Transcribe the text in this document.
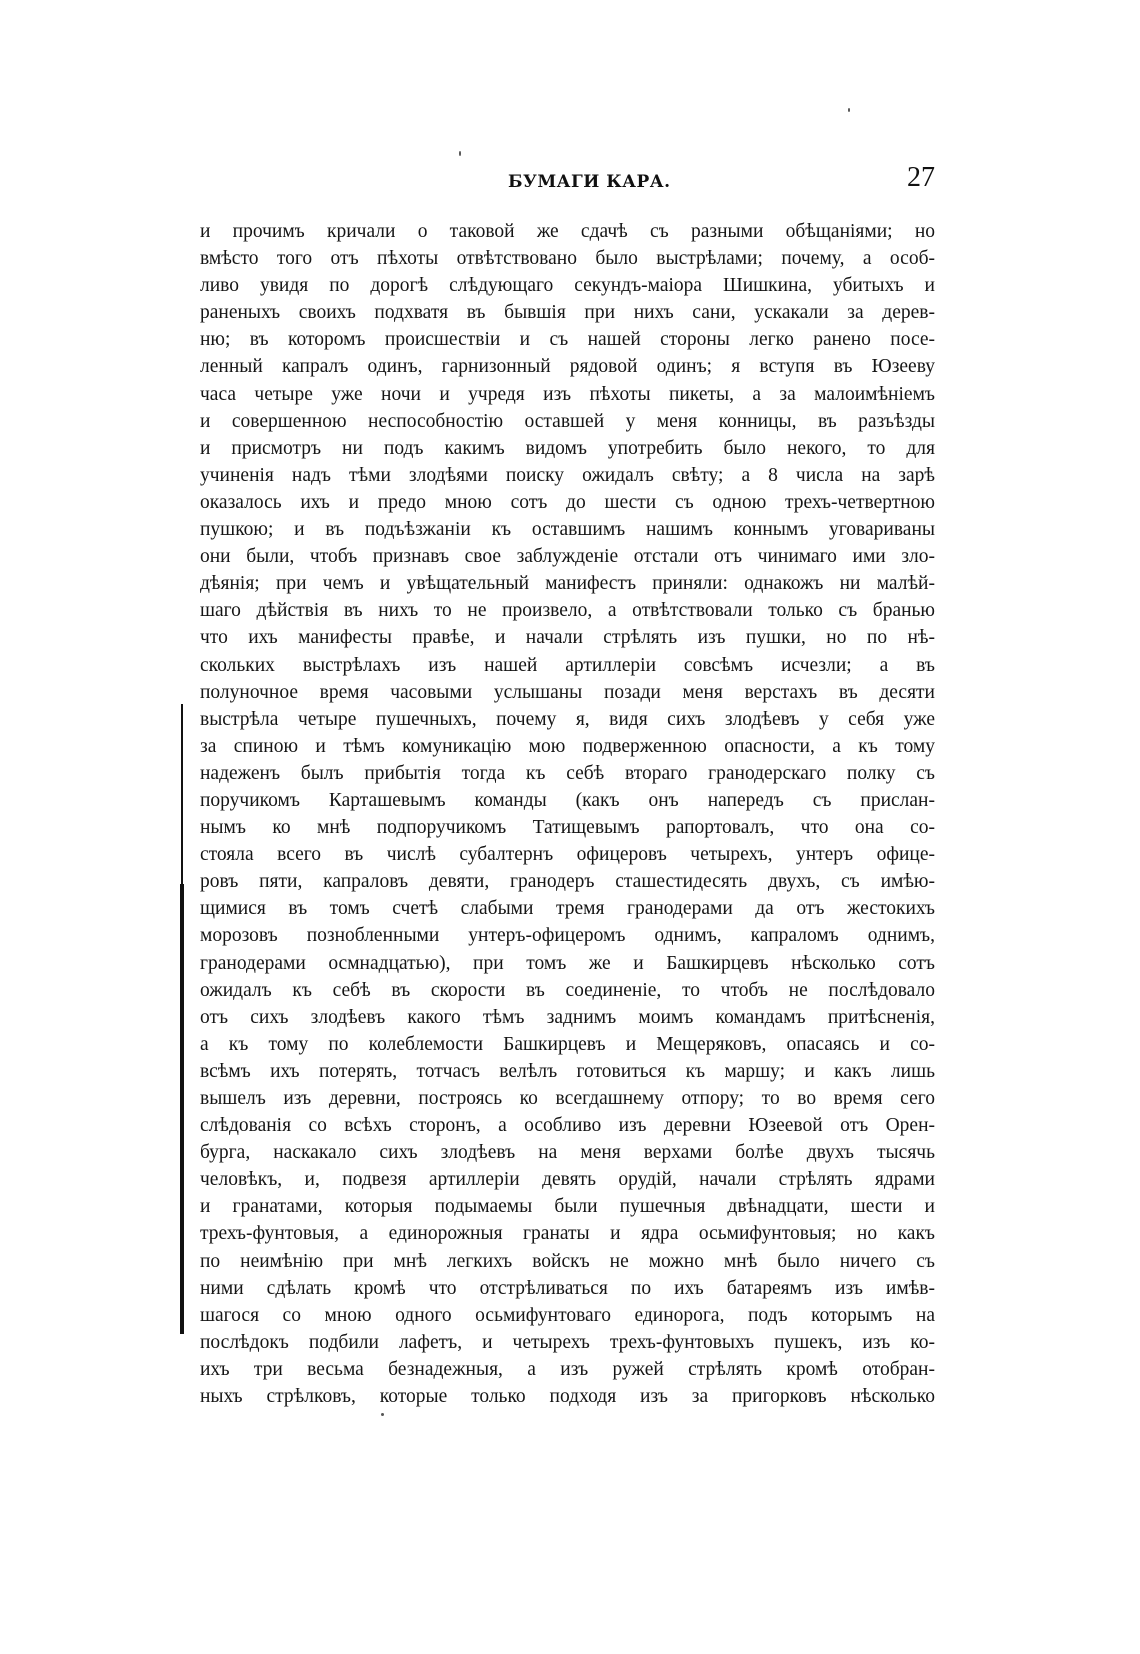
БУМАГИ КАРА.	27
и прочимъ кричали о таковой же сдачѣ съ разными обѣщаніями; но
вмѣсто того отъ пѣхоты отвѣтствовано было выстрѣлами; почему, а особ-
ливо увидя по дорогѣ слѣдующаго секундъ-маіора Шишкина, убитыхъ и
раненыхъ своихъ подхватя въ бывшія при нихъ сани, ускакали за дерев-
ню; въ которомъ происшествіи и съ нашей стороны легко ранено посе-
ленный капралъ одинъ, гарнизонный рядовой одинъ; я вступя въ Юзееву
часа четыре уже ночи и учредя изъ пѣхоты пикеты, а за малоимѣніемъ
и совершенною неспособностію оставшей у меня конницы, въ разъѣзды
и присмотръ ни подъ какимъ видомъ употребить было некого, то для
учиненія надъ тѣми злодѣями поиску ожидалъ свѣту; а 8 числа на зарѣ
оказалось ихъ и предо мною сотъ до шести съ одною трехъ-четвертною
пушкою; и въ подъѣзжаніи къ оставшимъ нашимъ коннымъ уговариваны
они были, чтобъ признавъ свое заблужденіе отстали отъ чинимаго ими зло-
дѣянія; при чемъ и увѣщательный манифестъ приняли: однакожъ ни малѣй-
шаго дѣйствія въ нихъ то не произвело, а отвѣтствовали только съ бранью
что ихъ манифесты правѣе, и начали стрѣлять изъ пушки, но по нѣ-
скольких выстрѣлахъ изъ нашей артиллеріи совсѣмъ исчезли; а въ
полуночное время часовыми услышаны позади меня верстахъ въ десяти
выстрѣла четыре пушечныхъ, почему я, видя сихъ злодѣевъ у себя уже
за спиною и тѣмъ комуникацію мою подверженною опасности, а къ тому
надеженъ былъ прибытія тогда къ себѣ втораго гранодерскаго полку съ
поручикомъ Карташевымъ команды (какъ онъ напередъ съ прислан-
нымъ ко мнѣ подпоручикомъ Татищевымъ рапортовалъ, что она со-
стояла всего въ числѣ субалтернъ офицеровъ четырехъ, унтеръ офице-
ровъ пяти, капраловъ девяти, гранодеръ сташестидесять двухъ, съ имѣю-
щимися въ томъ счетѣ слабыми тремя гранодерами да отъ жестокихъ
морозовъ познобленными унтеръ-офицеромъ однимъ, капраломъ однимъ,
гранодерами осмнадцатью), при томъ же и Башкирцевъ нѣсколько сотъ
ожидалъ къ себѣ въ скорости въ соединеніе, то чтобъ не послѣдовало
отъ сихъ злодѣевъ какого тѣмъ заднимъ моимъ командамъ притѣсненія,
а къ тому по колеблемости Башкирцевъ и Мещеряковъ, опасаясь и со-
всѣмъ ихъ потерять, тотчасъ велѣлъ готовиться къ маршу; и какъ лишь
вышелъ изъ деревни, построясь ко всегдашнему отпору; то во время сего
слѣдованія со всѣхъ сторонъ, а особливо изъ деревни Юзеевой отъ Орен-
бурга, наскакало сихъ злодѣевъ на меня верхами болѣе двухъ тысячь
человѣкъ, и, подвезя артиллеріи девять орудій, начали стрѣлять ядрами
и гранатами, которыя подымаемы были пушечныя двѣнадцати, шести и
трехъ-фунтовыя, а единорожныя гранаты и ядра осьмифунтовыя; но какъ
по неимѣнію при мнѣ легкихъ войскъ не можно мнѣ было ничего съ
ними сдѣлать кромѣ что отстрѣливаться по ихъ батареямъ изъ имѣв-
шагося со мною одного осьмифунтоваго единорога, подъ которымъ на
послѣдокъ подбили лафетъ, и четырехъ трехъ-фунтовыхъ пушекъ, изъ ко-
ихъ три весьма безнадежныя, а изъ ружей стрѣлять кромѣ отобран-
ныхъ стрѣлковъ, которые только подходя изъ за пригорковъ нѣсколько
